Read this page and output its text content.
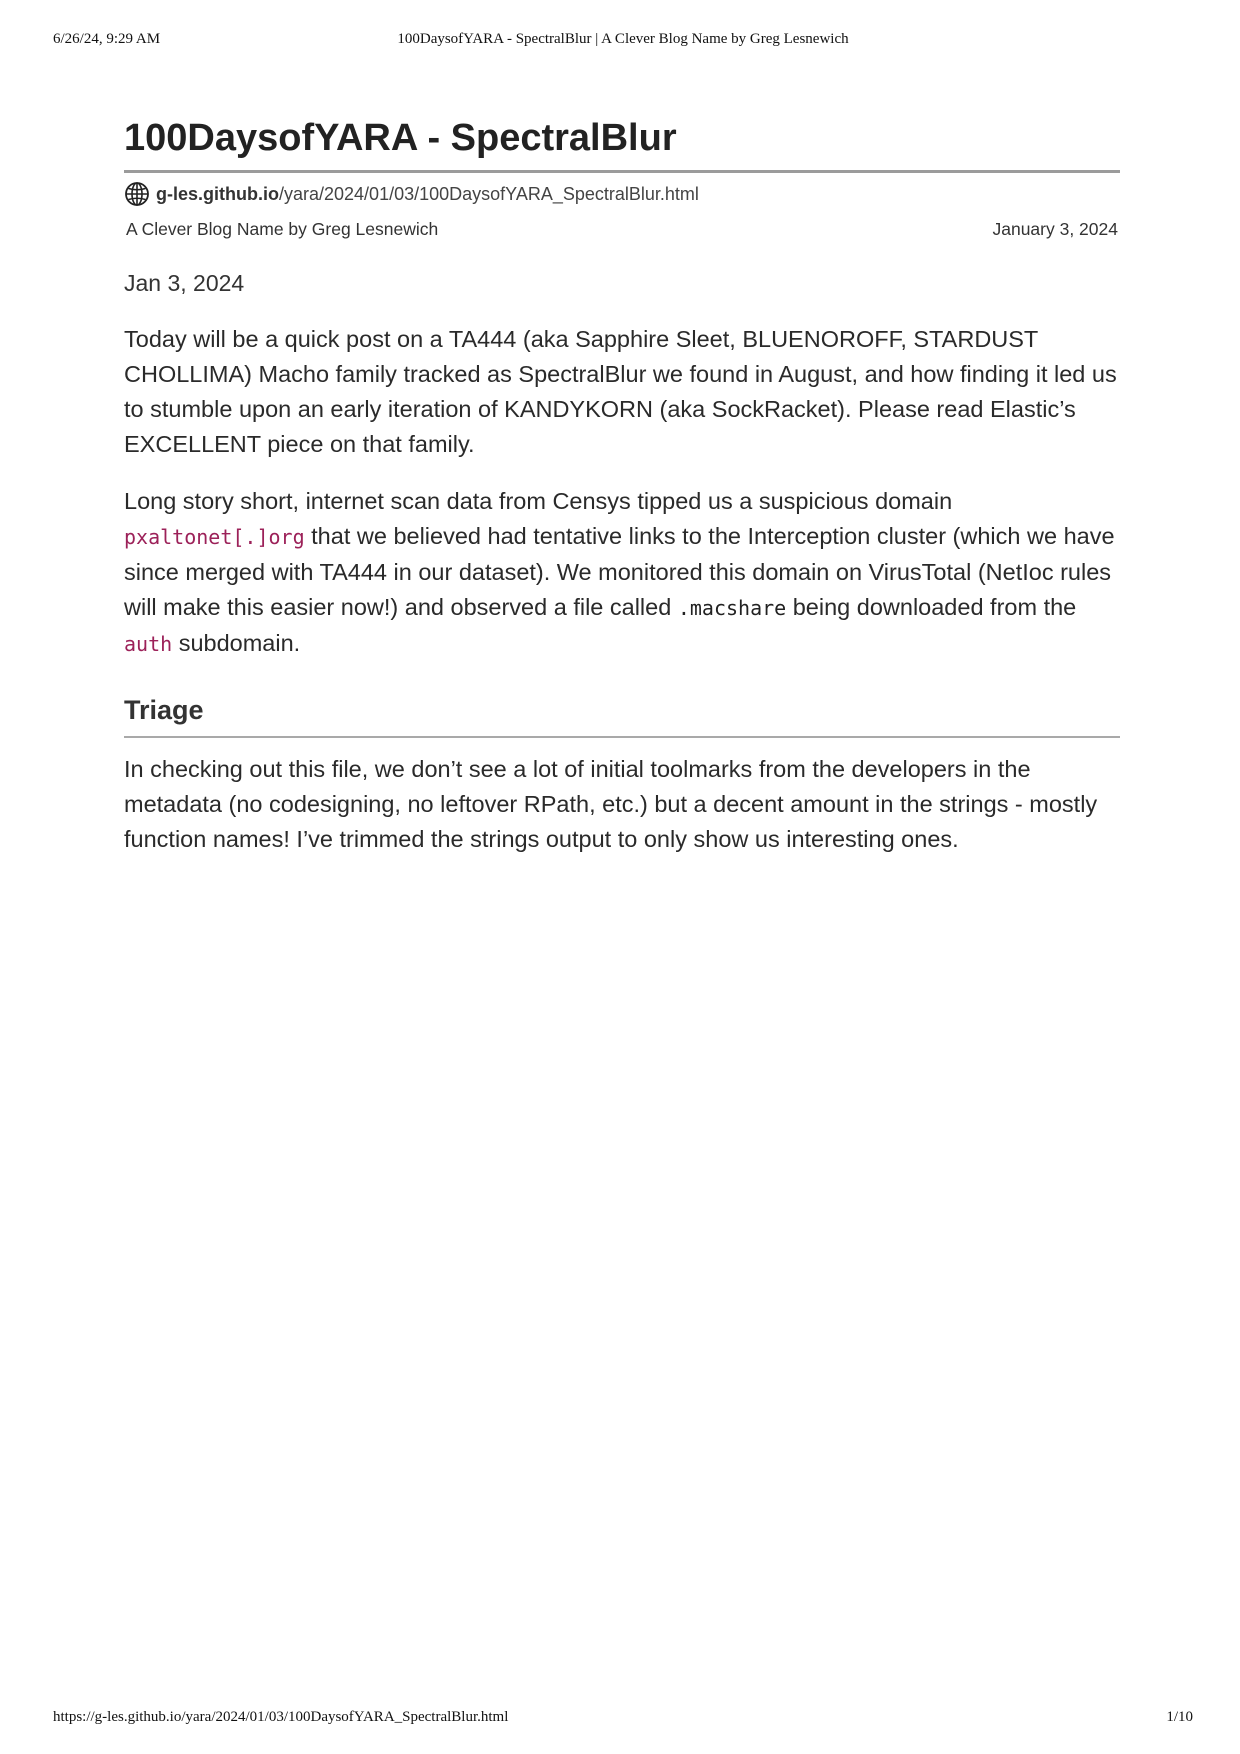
6/26/24, 9:29 AM	100DaysofYARA - SpectralBlur | A Clever Blog Name by Greg Lesnewich
100DaysofYARA - SpectralBlur
g-les.github.io /yara/2024/01/03/100DaysofYARA_SpectralBlur.html
A Clever Blog Name by Greg Lesnewich	January 3, 2024
Jan 3, 2024

Today will be a quick post on a TA444 (aka Sapphire Sleet, BLUENOROFF, STARDUST CHOLLIMA) Macho family tracked as SpectralBlur we found in August, and how finding it led us to stumble upon an early iteration of KANDYKORN (aka SockRacket). Please read Elastic’s EXCELLENT piece on that family.

Long story short, internet scan data from Censys tipped us a suspicious domain pxaltonet[.]org that we believed had tentative links to the Interception cluster (which we have since merged with TA444 in our dataset). We monitored this domain on VirusTotal (NetIoc rules will make this easier now!) and observed a file called .macshare being downloaded from the auth subdomain.

Triage

In checking out this file, we don’t see a lot of initial toolmarks from the developers in the metadata (no codesigning, no leftover RPath, etc.) but a decent amount in the strings - mostly function names! I’ve trimmed the strings output to only show us interesting ones.

https://g-les.github.io/yara/2024/01/03/100DaysofYARA_SpectralBlur.html	1/10
